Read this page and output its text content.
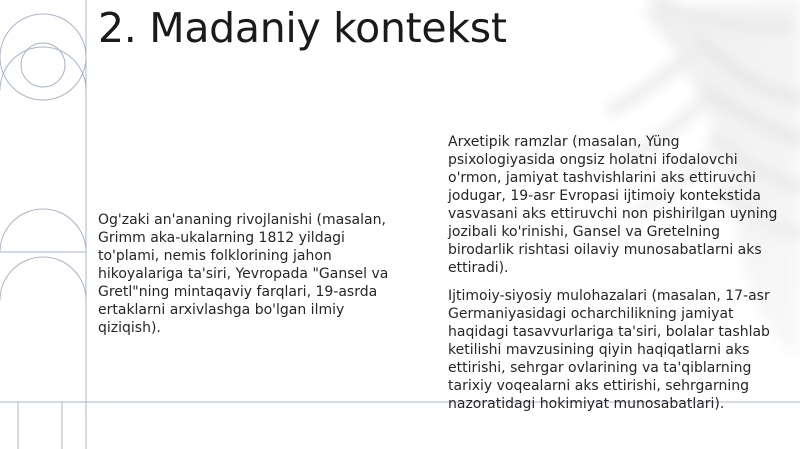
2. Madaniy kontekst

Og'zaki an'ananing rivojlanishi (masalan, Grimm aka-ukalarning 1812 yildagi to'plami, nemis folklorining jahon hikoyalariga ta'siri, Yevropada "Gansel va Gretl"ning mintaqaviy farqlari, 19-asrda ertaklarni arxivlashga bo'lgan ilmiy qiziqish).

Arxetipik ramzlar (masalan, Yüng psixologiyasida ongsiz holatni ifodalovchi o'rmon, jamiyat tashvishlarini aks ettiruvchi jodugar, 19-asr Evropasi ijtimoiy kontekstida vasvasani aks ettiruvchi non pishirilgan uyning jozibali ko'rinishi, Gansel va Gretelning birodarlik rishtasi oilaviy munosabatlarni aks ettiradi).

Ijtimoiy-siyosiy mulohazalari (masalan, 17-asr Germaniyasidagi ocharchilikning jamiyat haqidagi tasavvurlariga ta'siri, bolalar tashlab ketilishi mavzusining qiyin haqiqatlarni aks ettirishi, sehrgar ovlarining va ta'qiblarning tarixiy voqealarni aks ettirishi, sehrgarning nazoratidagi hokimiyat munosabatlari).
